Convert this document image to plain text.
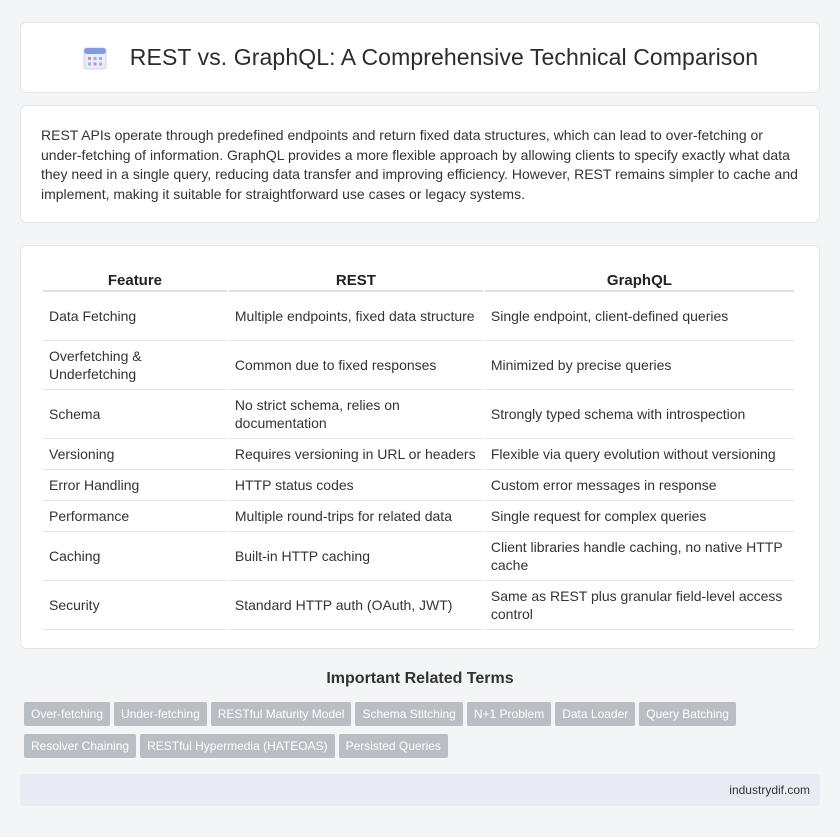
REST vs. GraphQL: A Comprehensive Technical Comparison

REST APIs operate through predefined endpoints and return fixed data structures, which can lead to over-fetching or under-fetching of information. GraphQL provides a more flexible approach by allowing clients to specify exactly what data they need in a single query, reducing data transfer and improving efficiency. However, REST remains simpler to cache and implement, making it suitable for straightforward use cases or legacy systems.

Feature	REST	GraphQL
Data Fetching	Multiple endpoints, fixed data structure	Single endpoint, client-defined queries
Overfetching & Underfetching	Common due to fixed responses	Minimized by precise queries
Schema	No strict schema, relies on documentation	Strongly typed schema with introspection
Versioning	Requires versioning in URL or headers	Flexible via query evolution without versioning
Error Handling	HTTP status codes	Custom error messages in response
Performance	Multiple round-trips for related data	Single request for complex queries
Caching	Built-in HTTP caching	Client libraries handle caching, no native HTTP cache
Security	Standard HTTP auth (OAuth, JWT)	Same as REST plus granular field-level access control
Important Related Terms
Over-fetching Under-fetching RESTful Maturity Model Schema Stitching N+1 Problem Data Loader Query Batching
Resolver Chaining RESTful Hypermedia (HATEOAS) Persisted Queries
industrydif.com
